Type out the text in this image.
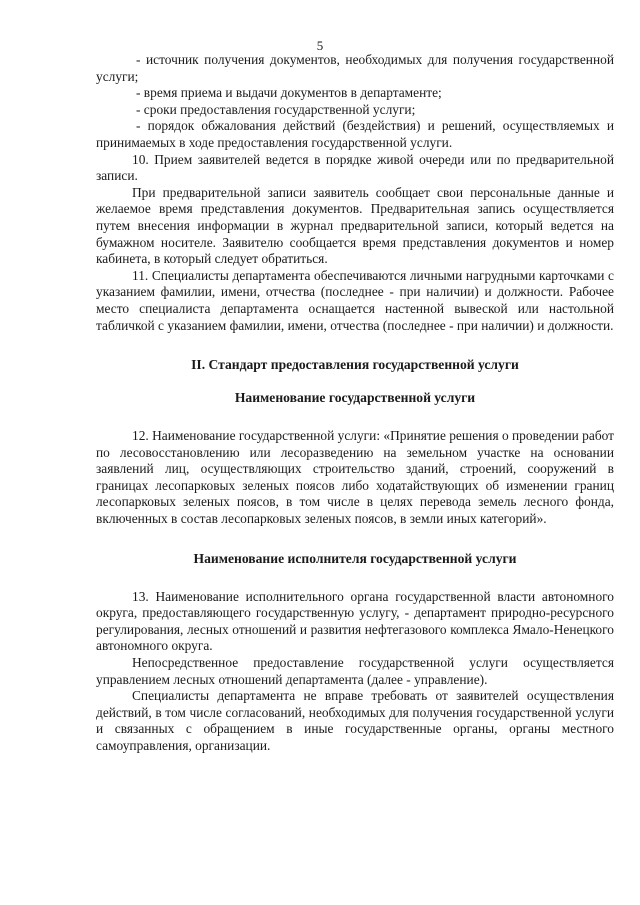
5

- источник получения документов, необходимых для получения государственной услуги;

- время приема и выдачи документов в департаменте;

- сроки предоставления государственной услуги;

- порядок обжалования действий (бездействия) и решений, осуществляемых и принимаемых в ходе предоставления государственной услуги.

10. Прием заявителей ведется в порядке живой очереди или по предварительной записи.

При предварительной записи заявитель сообщает свои персональные данные и желаемое время представления документов. Предварительная запись осуществляется путем внесения информации в журнал предварительной записи, который ведется на бумажном носителе. Заявителю сообщается время представления документов и номер кабинета, в который следует обратиться.

11. Специалисты департамента обеспечиваются личными нагрудными карточками с указанием фамилии, имени, отчества (последнее - при наличии) и должности. Рабочее место специалиста департамента оснащается настенной вывеской или настольной табличкой с указанием фамилии, имени, отчества (последнее - при наличии) и должности.

II. Стандарт предоставления государственной услуги
Наименование государственной услуги

12. Наименование государственной услуги: «Принятие решения о проведении работ по лесовосстановлению или лесоразведению на земельном участке на основании заявлений лиц, осуществляющих строительство зданий, строений, сооружений в границах лесопарковых зеленых поясов либо ходатайствующих об изменении границ лесопарковых зеленых поясов, в том числе в целях перевода земель лесного фонда, включенных в состав лесопарковых зеленых поясов, в земли иных категорий».

Наименование исполнителя государственной услуги

13. Наименование исполнительного органа государственной власти автономного округа, предоставляющего государственную услугу, - департамент природно-ресурсного регулирования, лесных отношений и развития нефтегазового комплекса Ямало-Ненецкого автономного округа.

Непосредственное предоставление государственной услуги осуществляется управлением лесных отношений департамента (далее - управление).

Специалисты департамента не вправе требовать от заявителей осуществления действий, в том числе согласований, необходимых для получения государственной услуги и связанных с обращением в иные государственные органы, органы местного самоуправления, организации.
